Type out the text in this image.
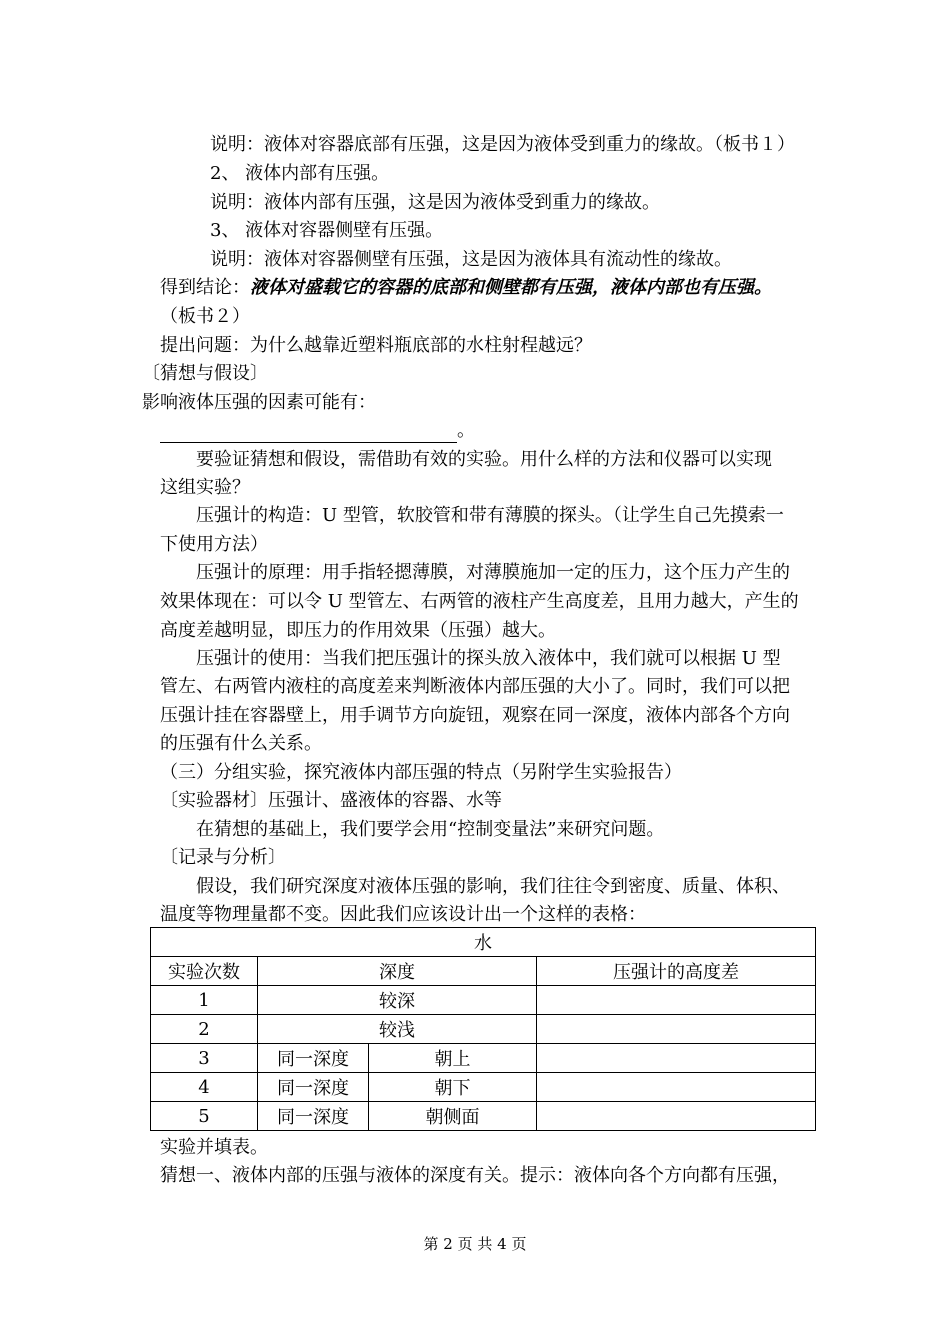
说明：液体对容器底部有压强，这是因为液体受到重力的缘故。（板书１）
2、 液体内部有压强。
说明：液体内部有压强，这是因为液体受到重力的缘故。
3、 液体对容器侧壁有压强。
说明：液体对容器侧壁有压强，这是因为液体具有流动性的缘故。
得到结论：液体对盛载它的容器的底部和侧壁都有压强，液体内部也有压强。
（板书２）
提出问题：为什么越靠近塑料瓶底部的水柱射程越远？
〔猜想与假设〕
影响液体压强的因素可能有：
。
要验证猜想和假设，需借助有效的实验。用什么样的方法和仪器可以实现
这组实验？
压强计的构造：U 型管，软胶管和带有薄膜的探头。（让学生自己先摸索一
下使用方法）
压强计的原理：用手指轻摁薄膜，对薄膜施加一定的压力，这个压力产生的
效果体现在：可以令 U 型管左、右两管的液柱产生高度差，且用力越大，产生的
高度差越明显，即压力的作用效果（压强）越大。
压强计的使用：当我们把压强计的探头放入液体中，我们就可以根据 U 型
管左、右两管内液柱的高度差来判断液体内部压强的大小了。同时，我们可以把
压强计挂在容器壁上，用手调节方向旋钮，观察在同一深度，液体内部各个方向
的压强有什么关系。
（三）分组实验，探究液体内部压强的特点（另附学生实验报告）
〔实验器材〕压强计、盛液体的容器、水等
在猜想的基础上，我们要学会用“控制变量法”来研究问题。
〔记录与分析〕
假设，我们研究深度对液体压强的影响，我们往往令到密度、质量、体积、
温度等物理量都不变。因此我们应该设计出一个这样的表格：
水			
实验次数	深度		压强计的高度差
1	较深		
2	较浅		
3	同一深度	朝上	
4	同一深度	朝下	
5	同一深度	朝侧面	
实验并填表。
猜想一、液体内部的压强与液体的深度有关。提示：液体向各个方向都有压强，
第 2 页 共 4 页
